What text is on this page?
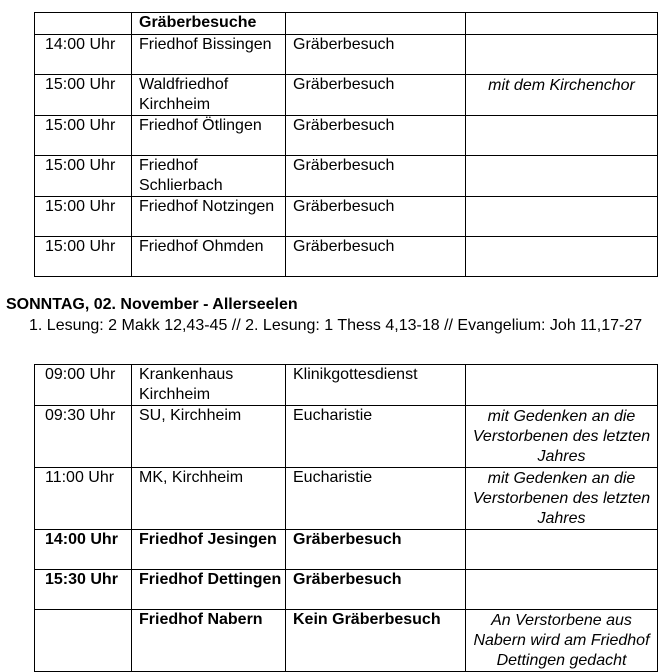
	Gräberbesuche		
14:00 Uhr	Friedhof Bissingen	Gräberbesuch	
15:00 Uhr	Waldfriedhof Kirchheim	Gräberbesuch	mit dem Kirchenchor
15:00 Uhr	Friedhof Ötlingen	Gräberbesuch	
15:00 Uhr	Friedhof Schlierbach	Gräberbesuch	
15:00 Uhr	Friedhof Notzingen	Gräberbesuch	
15:00 Uhr	Friedhof Ohmden	Gräberbesuch	
SONNTAG, 02. November - Allerseelen
1. Lesung: 2 Makk 12,43-45 // 2. Lesung: 1 Thess 4,13-18 // Evangelium: Joh 11,17-27
09:00 Uhr	Krankenhaus Kirchheim	Klinikgottesdienst	
09:30 Uhr	SU, Kirchheim	Eucharistie	mit Gedenken an die Verstorbenen des letzten Jahres
11:00 Uhr	MK, Kirchheim	Eucharistie	mit Gedenken an die Verstorbenen des letzten Jahres
14:00 Uhr	Friedhof Jesingen	Gräberbesuch	
15:30 Uhr	Friedhof Dettingen	Gräberbesuch	
	Friedhof Nabern	Kein Gräberbesuch	An Verstorbene aus Nabern wird am Friedhof Dettingen gedacht
